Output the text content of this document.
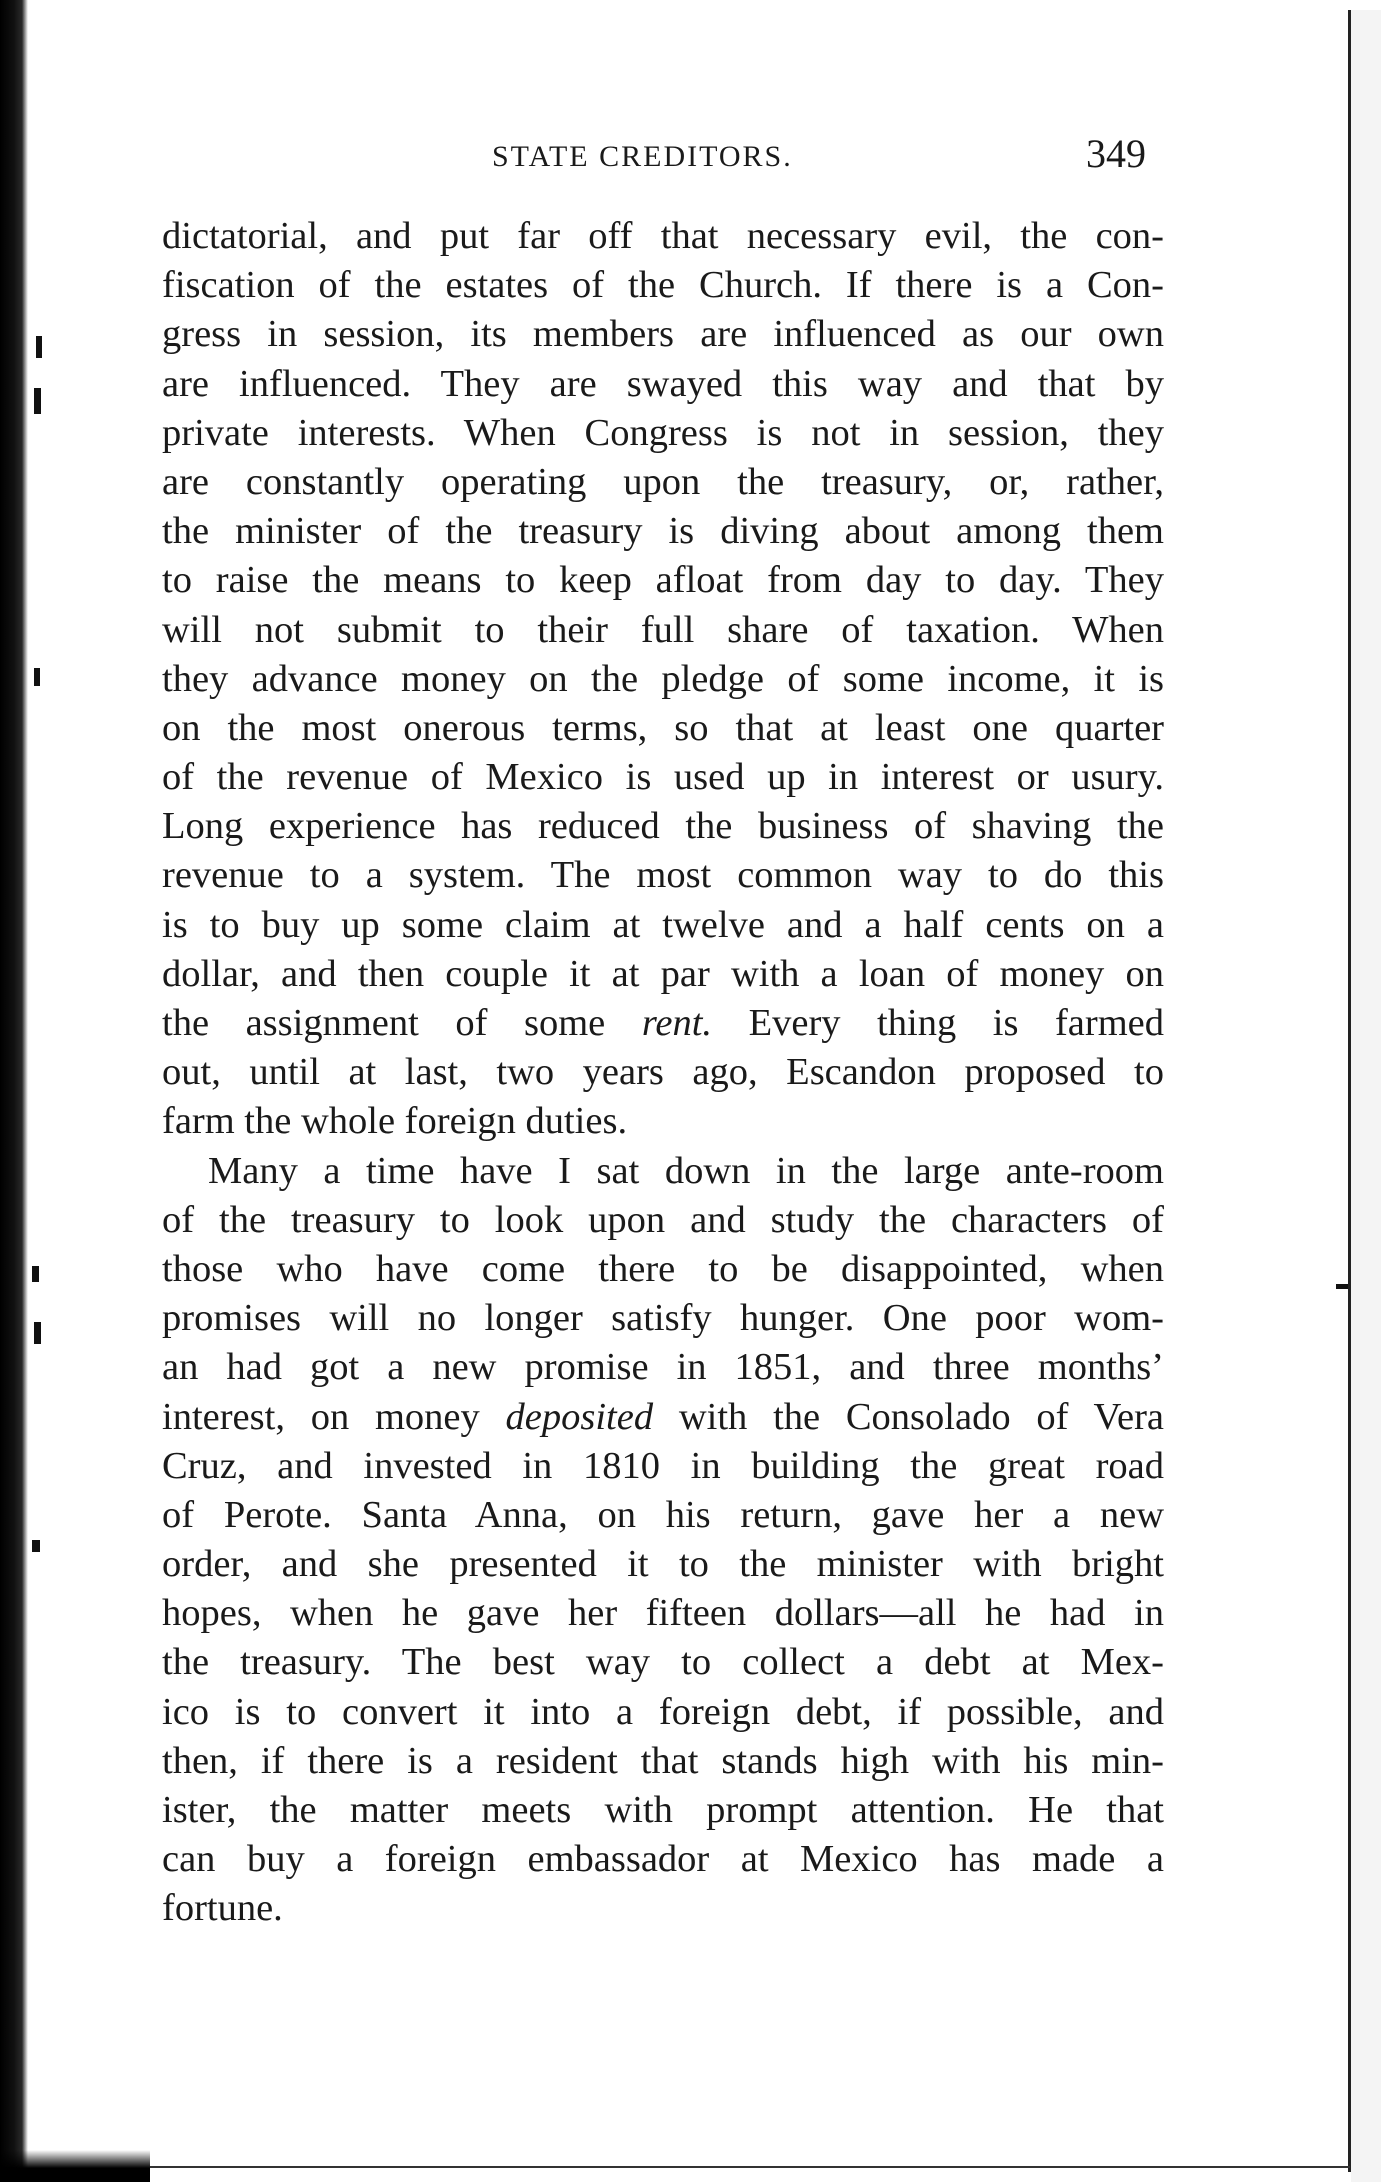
STATE CREDITORS.	349
dictatorial, and put far off that necessary evil, the con-
fiscation of the estates of the Church. If there is a Con-
gress in session, its members are influenced as our own
are influenced. They are swayed this way and that by
private interests. When Congress is not in session, they
are constantly operating upon the treasury, or, rather,
the minister of the treasury is diving about among them
to raise the means to keep afloat from day to day. They
will not submit to their full share of taxation. When
they advance money on the pledge of some income, it is
on the most onerous terms, so that at least one quarter
of the revenue of Mexico is used up in interest or usury.
Long experience has reduced the business of shaving the
revenue to a system. The most common way to do this
is to buy up some claim at twelve and a half cents on a
dollar, and then couple it at par with a loan of money on
the assignment of some rent. Every thing is farmed
out, until at last, two years ago, Escandon proposed to
farm the whole foreign duties.
Many a time have I sat down in the large ante-room
of the treasury to look upon and study the characters of
those who have come there to be disappointed, when
promises will no longer satisfy hunger. One poor wom-
an had got a new promise in 1851, and three months’
interest, on money deposited with the Consolado of Vera
Cruz, and invested in 1810 in building the great road
of Perote. Santa Anna, on his return, gave her a new
order, and she presented it to the minister with bright
hopes, when he gave her fifteen dollars—all he had in
the treasury. The best way to collect a debt at Mex-
ico is to convert it into a foreign debt, if possible, and
then, if there is a resident that stands high with his min-
ister, the matter meets with prompt attention. He that
can buy a foreign embassador at Mexico has made a
fortune.
